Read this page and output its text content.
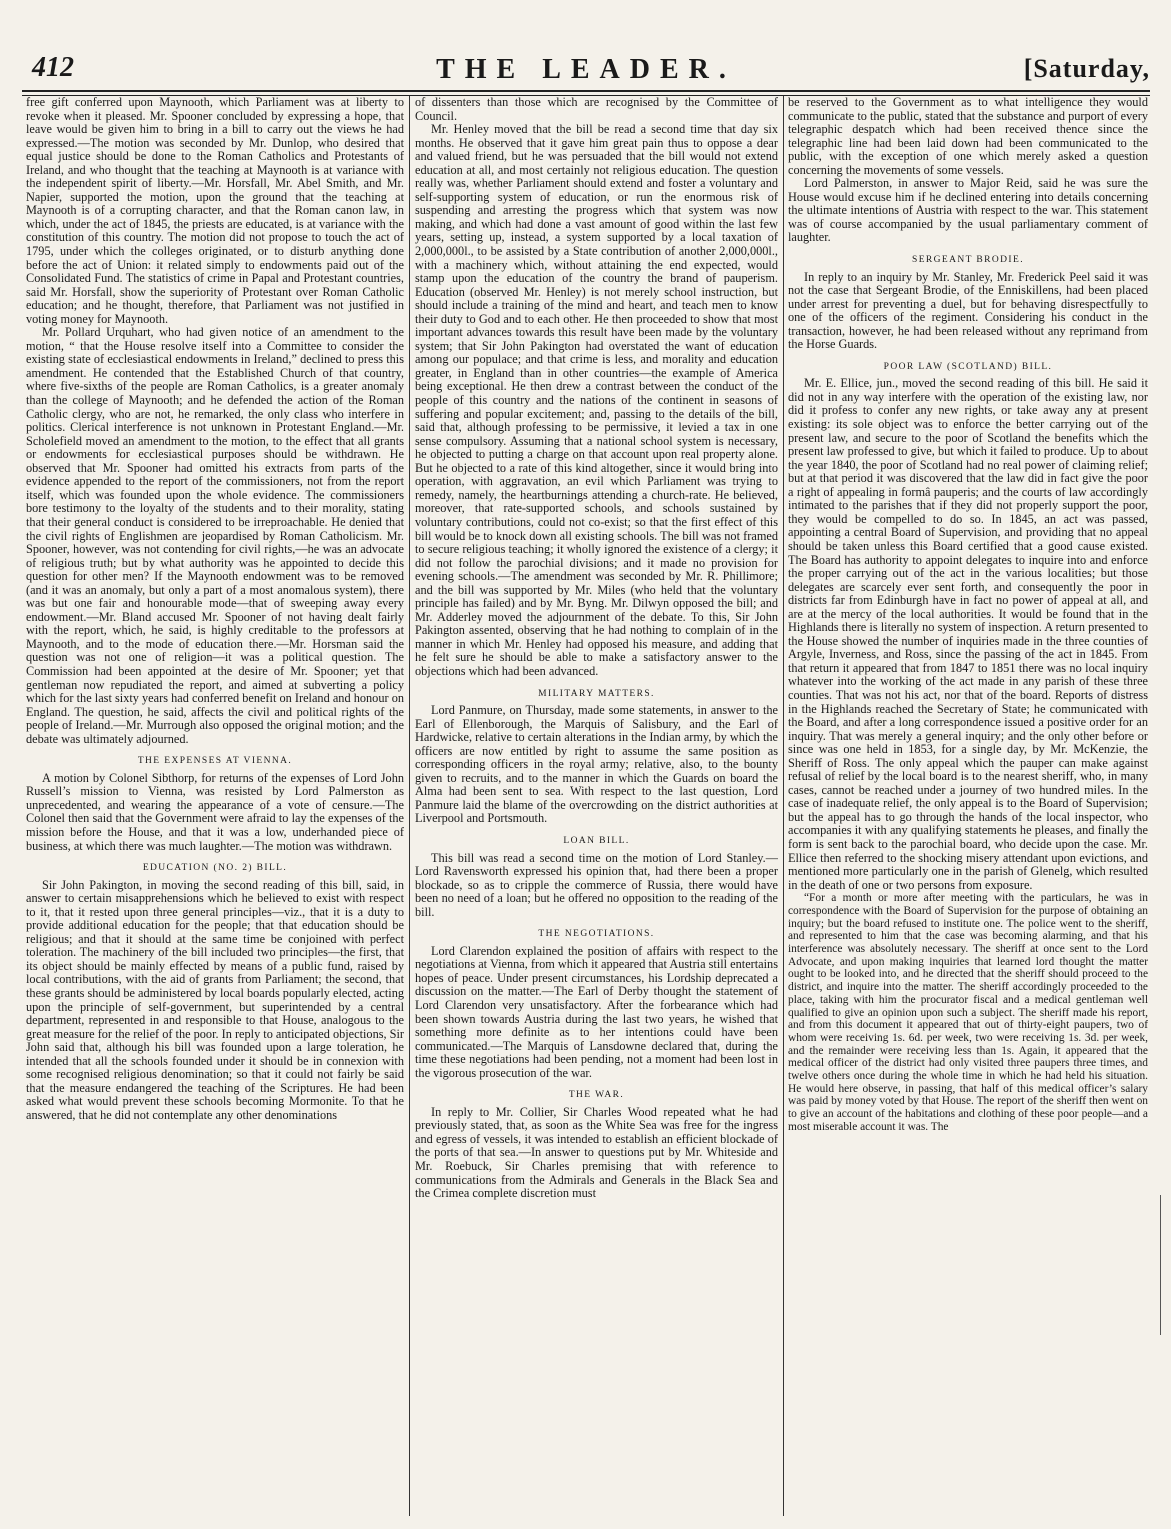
412	THE LEADER.	[Saturday,

free gift conferred upon Maynooth, which Parliament was at liberty to revoke when it pleased. Mr. Spooner concluded by expressing a hope, that leave would be given him to bring in a bill to carry out the views he had expressed.—The motion was seconded by Mr. Dunlop, who desired that equal justice should be done to the Roman Catholics and Protestants of Ireland, and who thought that the teaching at Maynooth is at variance with the independent spirit of liberty.—Mr. Horsfall, Mr. Abel Smith, and Mr. Napier, supported the motion, upon the ground that the teaching at Maynooth is of a corrupting character, and that the Roman canon law, in which, under the act of 1845, the priests are educated, is at variance with the constitution of this country. The motion did not propose to touch the act of 1795, under which the colleges originated, or to disturb anything done before the act of Union: it related simply to endowments paid out of the Consolidated Fund. The statistics of crime in Papal and Protestant countries, said Mr. Horsfall, show the superiority of Protestant over Roman Catholic education; and he thought, therefore, that Parliament was not justified in voting money for Maynooth.

Mr. Pollard Urquhart, who had given notice of an amendment to the motion, “ that the House resolve itself into a Committee to consider the existing state of ecclesiastical endowments in Ireland,” declined to press this amendment. He contended that the Established Church of that country, where five-sixths of the people are Roman Catholics, is a greater anomaly than the college of Maynooth; and he defended the action of the Roman Catholic clergy, who are not, he remarked, the only class who interfere in politics. Clerical interference is not unknown in Protestant England.—Mr. Scholefield moved an amendment to the motion, to the effect that all grants or endowments for ecclesiastical purposes should be withdrawn. He observed that Mr. Spooner had omitted his extracts from parts of the evidence appended to the report of the commissioners, not from the report itself, which was founded upon the whole evidence. The commissioners bore testimony to the loyalty of the students and to their morality, stating that their general conduct is considered to be irreproachable. He denied that the civil rights of Englishmen are jeopardised by Roman Catholicism. Mr. Spooner, however, was not contending for civil rights,—he was an advocate of religious truth; but by what authority was he appointed to decide this question for other men? If the Maynooth endowment was to be removed (and it was an anomaly, but only a part of a most anomalous system), there was but one fair and honourable mode—that of sweeping away every endowment.—Mr. Bland accused Mr. Spooner of not having dealt fairly with the report, which, he said, is highly creditable to the professors at Maynooth, and to the mode of education there.—Mr. Horsman said the question was not one of religion—it was a political question. The Commission had been appointed at the desire of Mr. Spooner; yet that gentleman now repudiated the report, and aimed at subverting a policy which for the last sixty years had conferred benefit on Ireland and honour on England. The question, he said, affects the civil and political rights of the people of Ireland.—Mr. Murrough also opposed the original motion; and the debate was ultimately adjourned.

THE EXPENSES AT VIENNA.

A motion by Colonel Sibthorp, for returns of the expenses of Lord John Russell’s mission to Vienna, was resisted by Lord Palmerston as unprecedented, and wearing the appearance of a vote of censure.—The Colonel then said that the Government were afraid to lay the expenses of the mission before the House, and that it was a low, underhanded piece of business, at which there was much laughter.—The motion was withdrawn.

EDUCATION (NO. 2) BILL.

Sir John Pakington, in moving the second reading of this bill, said, in answer to certain misapprehensions which he believed to exist with respect to it, that it rested upon three general principles—viz., that it is a duty to provide additional education for the people; that that education should be religious; and that it should at the same time be conjoined with perfect toleration. The machinery of the bill included two principles—the first, that its object should be mainly effected by means of a public fund, raised by local contributions, with the aid of grants from Parliament; the second, that these grants should be administered by local boards popularly elected, acting upon the principle of self-government, but superintended by a central department, represented in and responsible to that House, analogous to the great measure for the relief of the poor. In reply to anticipated objections, Sir John said that, although his bill was founded upon a large toleration, he intended that all the schools founded under it should be in connexion with some recognised religious denomination; so that it could not fairly be said that the measure endangered the teaching of the Scriptures. He had been asked what would prevent these schools becoming Mormonite. To that he answered, that he did not contemplate any other denominations

of dissenters than those which are recognised by the Committee of Council.

Mr. Henley moved that the bill be read a second time that day six months. He observed that it gave him great pain thus to oppose a dear and valued friend, but he was persuaded that the bill would not extend education at all, and most certainly not religious education. The question really was, whether Parliament should extend and foster a voluntary and self-supporting system of education, or run the enormous risk of suspending and arresting the progress which that system was now making, and which had done a vast amount of good within the last few years, setting up, instead, a system supported by a local taxation of 2,000,000l., to be assisted by a State contribution of another 2,000,000l., with a machinery which, without attaining the end expected, would stamp upon the education of the country the brand of pauperism. Education (observed Mr. Henley) is not merely school instruction, but should include a training of the mind and heart, and teach men to know their duty to God and to each other. He then proceeded to show that most important advances towards this result have been made by the voluntary system; that Sir John Pakington had overstated the want of education among our populace; and that crime is less, and morality and education greater, in England than in other countries—the example of America being exceptional. He then drew a contrast between the conduct of the people of this country and the nations of the continent in seasons of suffering and popular excitement; and, passing to the details of the bill, said that, although professing to be permissive, it levied a tax in one sense compulsory. Assuming that a national school system is necessary, he objected to putting a charge on that account upon real property alone. But he objected to a rate of this kind altogether, since it would bring into operation, with aggravation, an evil which Parliament was trying to remedy, namely, the heartburnings attending a church-rate. He believed, moreover, that rate-supported schools, and schools sustained by voluntary contributions, could not co-exist; so that the first effect of this bill would be to knock down all existing schools. The bill was not framed to secure religious teaching; it wholly ignored the existence of a clergy; it did not follow the parochial divisions; and it made no provision for evening schools.—The amendment was seconded by Mr. R. Phillimore; and the bill was supported by Mr. Miles (who held that the voluntary principle has failed) and by Mr. Byng. Mr. Dilwyn opposed the bill; and Mr. Adderley moved the adjournment of the debate. To this, Sir John Pakington assented, observing that he had nothing to complain of in the manner in which Mr. Henley had opposed his measure, and adding that he felt sure he should be able to make a satisfactory answer to the objections which had been advanced.

MILITARY MATTERS.

Lord Panmure, on Thursday, made some statements, in answer to the Earl of Ellenborough, the Marquis of Salisbury, and the Earl of Hardwicke, relative to certain alterations in the Indian army, by which the officers are now entitled by right to assume the same position as corresponding officers in the royal army; relative, also, to the bounty given to recruits, and to the manner in which the Guards on board the Alma had been sent to sea. With respect to the last question, Lord Panmure laid the blame of the overcrowding on the district authorities at Liverpool and Portsmouth.

LOAN BILL.

This bill was read a second time on the motion of Lord Stanley.—Lord Ravensworth expressed his opinion that, had there been a proper blockade, so as to cripple the commerce of Russia, there would have been no need of a loan; but he offered no opposition to the reading of the bill.

THE NEGOTIATIONS.

Lord Clarendon explained the position of affairs with respect to the negotiations at Vienna, from which it appeared that Austria still entertains hopes of peace. Under present circumstances, his Lordship deprecated a discussion on the matter.—The Earl of Derby thought the statement of Lord Clarendon very unsatisfactory. After the forbearance which had been shown towards Austria during the last two years, he wished that something more definite as to her intentions could have been communicated.—The Marquis of Lansdowne declared that, during the time these negotiations had been pending, not a moment had been lost in the vigorous prosecution of the war.

THE WAR.

In reply to Mr. Collier, Sir Charles Wood repeated what he had previously stated, that, as soon as the White Sea was free for the ingress and egress of vessels, it was intended to establish an efficient blockade of the ports of that sea.—In answer to questions put by Mr. Whiteside and Mr. Roebuck, Sir Charles premising that with reference to communications from the Admirals and Generals in the Black Sea and the Crimea complete discretion must

be reserved to the Government as to what intelligence they would communicate to the public, stated that the substance and purport of every telegraphic despatch which had been received thence since the telegraphic line had been laid down had been communicated to the public, with the exception of one which merely asked a question concerning the movements of some vessels.

Lord Palmerston, in answer to Major Reid, said he was sure the House would excuse him if he declined entering into details concerning the ultimate intentions of Austria with respect to the war. This statement was of course accompanied by the usual parliamentary comment of laughter.

SERGEANT BRODIE.

In reply to an inquiry by Mr. Stanley, Mr. Frederick Peel said it was not the case that Sergeant Brodie, of the Enniskillens, had been placed under arrest for preventing a duel, but for behaving disrespectfully to one of the officers of the regiment. Considering his conduct in the transaction, however, he had been released without any reprimand from the Horse Guards.

POOR LAW (SCOTLAND) BILL.

Mr. E. Ellice, jun., moved the second reading of this bill. He said it did not in any way interfere with the operation of the existing law, nor did it profess to confer any new rights, or take away any at present existing: its sole object was to enforce the better carrying out of the present law, and secure to the poor of Scotland the benefits which the present law professed to give, but which it failed to produce. Up to about the year 1840, the poor of Scotland had no real power of claiming relief; but at that period it was discovered that the law did in fact give the poor a right of appealing in formâ pauperis; and the courts of law accordingly intimated to the parishes that if they did not properly support the poor, they would be compelled to do so. In 1845, an act was passed, appointing a central Board of Supervision, and providing that no appeal should be taken unless this Board certified that a good cause existed. The Board has authority to appoint delegates to inquire into and enforce the proper carrying out of the act in the various localities; but those delegates are scarcely ever sent forth, and consequently the poor in districts far from Edinburgh have in fact no power of appeal at all, and are at the mercy of the local authorities. It would be found that in the Highlands there is literally no system of inspection. A return presented to the House showed the number of inquiries made in the three counties of Argyle, Inverness, and Ross, since the passing of the act in 1845. From that return it appeared that from 1847 to 1851 there was no local inquiry whatever into the working of the act made in any parish of these three counties. That was not his act, nor that of the board. Reports of distress in the Highlands reached the Secretary of State; he communicated with the Board, and after a long correspondence issued a positive order for an inquiry. That was merely a general inquiry; and the only other before or since was one held in 1853, for a single day, by Mr. McKenzie, the Sheriff of Ross. The only appeal which the pauper can make against refusal of relief by the local board is to the nearest sheriff, who, in many cases, cannot be reached under a journey of two hundred miles. In the case of inadequate relief, the only appeal is to the Board of Supervision; but the appeal has to go through the hands of the local inspector, who accompanies it with any qualifying statements he pleases, and finally the form is sent back to the parochial board, who decide upon the case. Mr. Ellice then referred to the shocking misery attendant upon evictions, and mentioned more particularly one in the parish of Glenelg, which resulted in the death of one or two persons from exposure.

“For a month or more after meeting with the particulars, he was in correspondence with the Board of Supervision for the purpose of obtaining an inquiry; but the board refused to institute one. The police went to the sheriff, and represented to him that the case was becoming alarming, and that his interference was absolutely necessary. The sheriff at once sent to the Lord Advocate, and upon making inquiries that learned lord thought the matter ought to be looked into, and he directed that the sheriff should proceed to the district, and inquire into the matter. The sheriff accordingly proceeded to the place, taking with him the procurator fiscal and a medical gentleman well qualified to give an opinion upon such a subject. The sheriff made his report, and from this document it appeared that out of thirty-eight paupers, two of whom were receiving 1s. 6d. per week, two were receiving 1s. 3d. per week, and the remainder were receiving less than 1s. Again, it appeared that the medical officer of the district had only visited three paupers three times, and twelve others once during the whole time in which he had held his situation. He would here observe, in passing, that half of this medical officer’s salary was paid by money voted by that House. The report of the sheriff then went on to give an account of the habitations and clothing of these poor people—and a most miserable account it was. The
